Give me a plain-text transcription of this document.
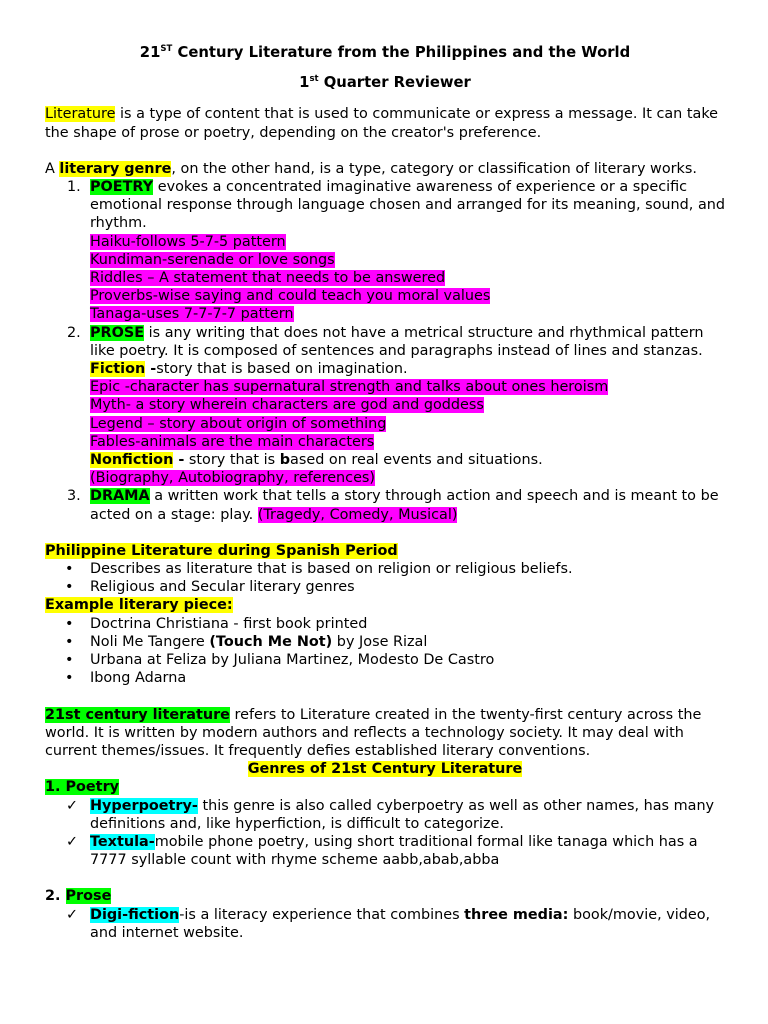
21ST Century Literature from the Philippines and the World

1st Quarter Reviewer

Literature is a type of content that is used to communicate or express a message. It can take the shape of prose or poetry, depending on the creator's preference.

A literary genre, on the other hand, is a type, category or classification of literary works.

1. POETRY evokes a concentrated imaginative awareness of experience or a specific emotional response through language chosen and arranged for its meaning, sound, and rhythm.
Haiku-follows 5-7-5 pattern
Kundiman-serenade or love songs
Riddles – A statement that needs to be answered
Proverbs-wise saying and could teach you moral values
Tanaga-uses 7-7-7-7 pattern
2. PROSE is any writing that does not have a metrical structure and rhythmical pattern like poetry. It is composed of sentences and paragraphs instead of lines and stanzas.
Fiction -story that is based on imagination.
Epic -character has supernatural strength and talks about ones heroism
Myth- a story wherein characters are god and goddess
Legend – story about origin of something
Fables-animals are the main characters
Nonfiction - story that is based on real events and situations.
(Biography, Autobiography, references)
3. DRAMA a written work that tells a story through action and speech and is meant to be acted on a stage: play. (Tragedy, Comedy, Musical)

Philippine Literature during Spanish Period

• Describes as literature that is based on religion or religious beliefs.
• Religious and Secular literary genres

Example literary piece:

• Doctrina Christiana - first book printed
• Noli Me Tangere (Touch Me Not) by Jose Rizal
• Urbana at Feliza by Juliana Martinez, Modesto De Castro
• Ibong Adarna

21st century literature refers to Literature created in the twenty-first century across the world. It is written by modern authors and reflects a technology society. It may deal with current themes/issues. It frequently defies established literary conventions.

Genres of 21st Century Literature

1. Poetry

✓ Hyperpoetry- this genre is also called cyberpoetry as well as other names, has many definitions and, like hyperfiction, is difficult to categorize.
✓ Textula-mobile phone poetry, using short traditional formal like tanaga which has a 7777 syllable count with rhyme scheme aabb,abab,abba

2. Prose

✓ Digi-fiction-is a literacy experience that combines three media: book/movie, video, and internet website.
